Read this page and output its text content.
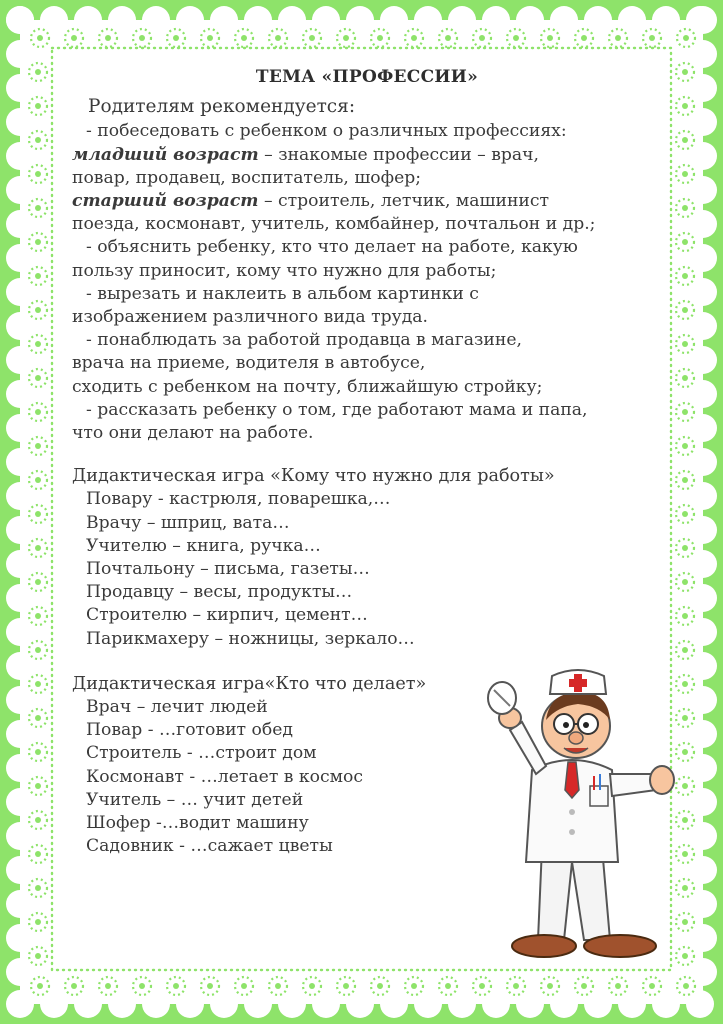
ТЕМА «ПРОФЕССИИ»
Родителям рекомендуется:
- побеседовать с ребенком о различных профессиях:
младший возраст – знакомые профессии – врач,
повар, продавец, воспитатель, шофер;
старший возраст – строитель, летчик, машинист
поезда, космонавт, учитель, комбайнер, почтальон и др.;
- объяснить ребенку, кто что делает на работе, какую
пользу приносит, кому что нужно для работы;
- вырезать и наклеить в альбом картинки с
изображением различного вида труда.
- понаблюдать за работой продавца в магазине,
врача на приеме, водителя в автобусе,
сходить с ребенком на почту, ближайшую стройку;
- рассказать ребенку о том, где работают мама и папа,
что они делают на работе.
Дидактическая игра «Кому что нужно для работы»
Повару - кастрюля, поварешка,…
Врачу – шприц, вата…
Учителю – книга, ручка…
Почтальону – письма, газеты…
Продавцу – весы, продукты…
Строителю – кирпич, цемент…
Парикмахеру – ножницы, зеркало…
Дидактическая игра«Кто что делает»
Врач – лечит людей
Повар - …готовит обед
Строитель - …строит дом
Космонавт - …летает в космос
Учитель – … учит детей
Шофер -…водит машину
Садовник - …сажает цветы
